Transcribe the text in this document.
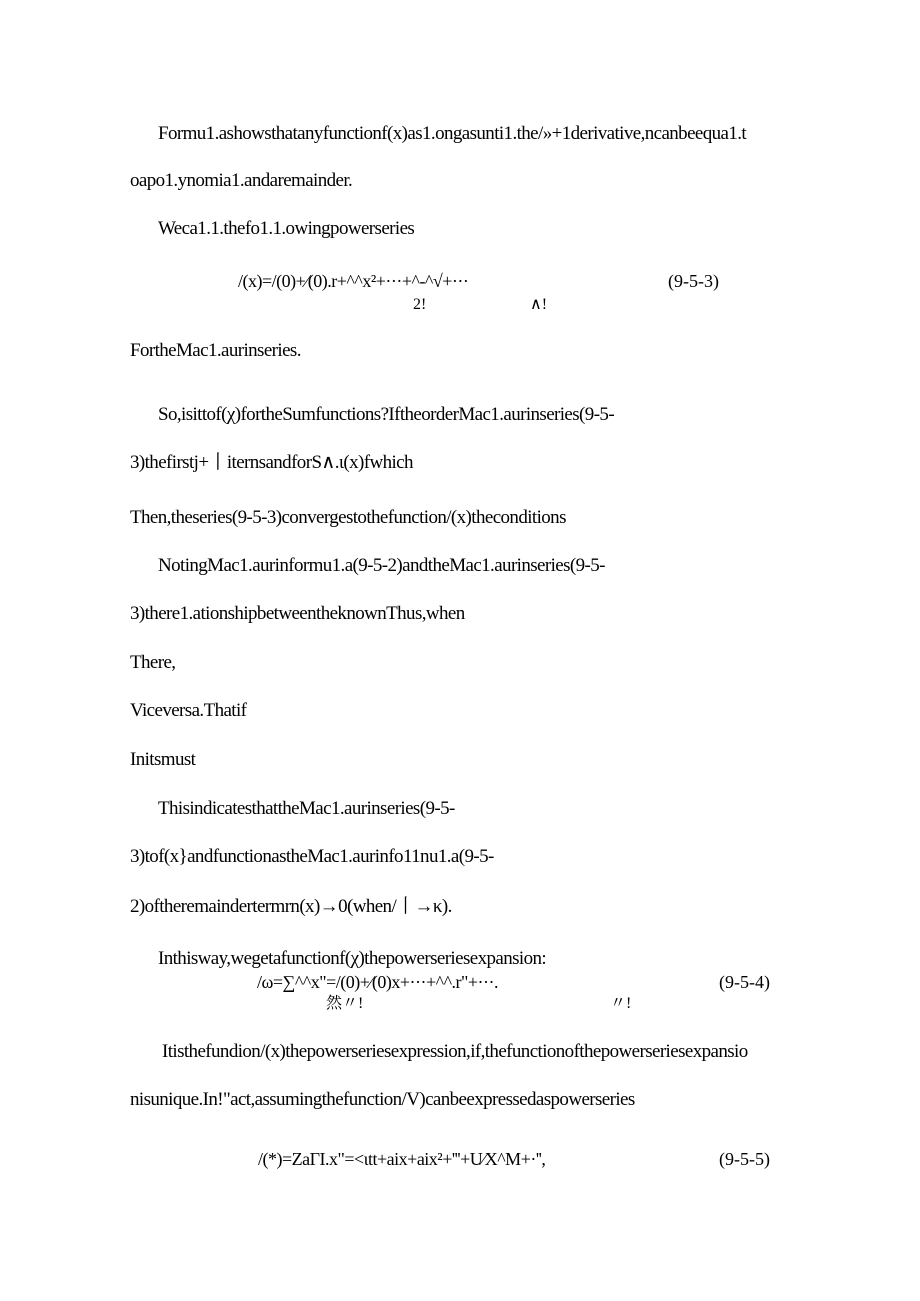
Formu1.ashowsthatanyfunctionf(x)as1.ongasunti1.the/»+1derivative,ncanbeequa1.t
oapo1.ynomia1.andaremainder.
Weca1.1.thefo1.1.owingpowerseries
/(x)=/(0)+⁄(0).r+^^x²+···+^-^√+···	(9-5-3)
2!	∧!
FortheMac1.aurinseries.
So,isittof(χ)fortheSumfunctions?IftheorderMac1.aurinseries(9-5-
3)thefirstj+丨iternsandforS∧.ι(x)fwhich
Then,theseries(9-5-3)convergestothefunction/(x)theconditions
NotingMac1.aurinformu1.a(9-5-2)andtheMac1.aurinseries(9-5-
3)there1.ationshipbetweentheknownThus,when
There,
Viceversa.Thatif
Initsmust
ThisindicatesthattheMac1.aurinseries(9-5-
3)tof(x}andfunctionastheMac1.aurinfo11nu1.a(9-5-
2)oftheremaindertermrn(x)→0(when/丨→κ).
Inthisway,wegetafunctionf(χ)thepowerseriesexpansion:
/ω=∑^^x"=/(0)+⁄(0)x+···+^^.r"+···.	(9-5-4)
然〃!	〃!
Itisthefundion/(x)thepowerseriesexpression,if,thefunctionofthepowerseriesexpansio
nisunique.In!"act,assumingthefunction/V)canbeexpressedaspowerseries
/(*)=ZaΓI.x"=<ιtt+aix+aix²+'''+U∕X^M+·'',	(9-5-5)
